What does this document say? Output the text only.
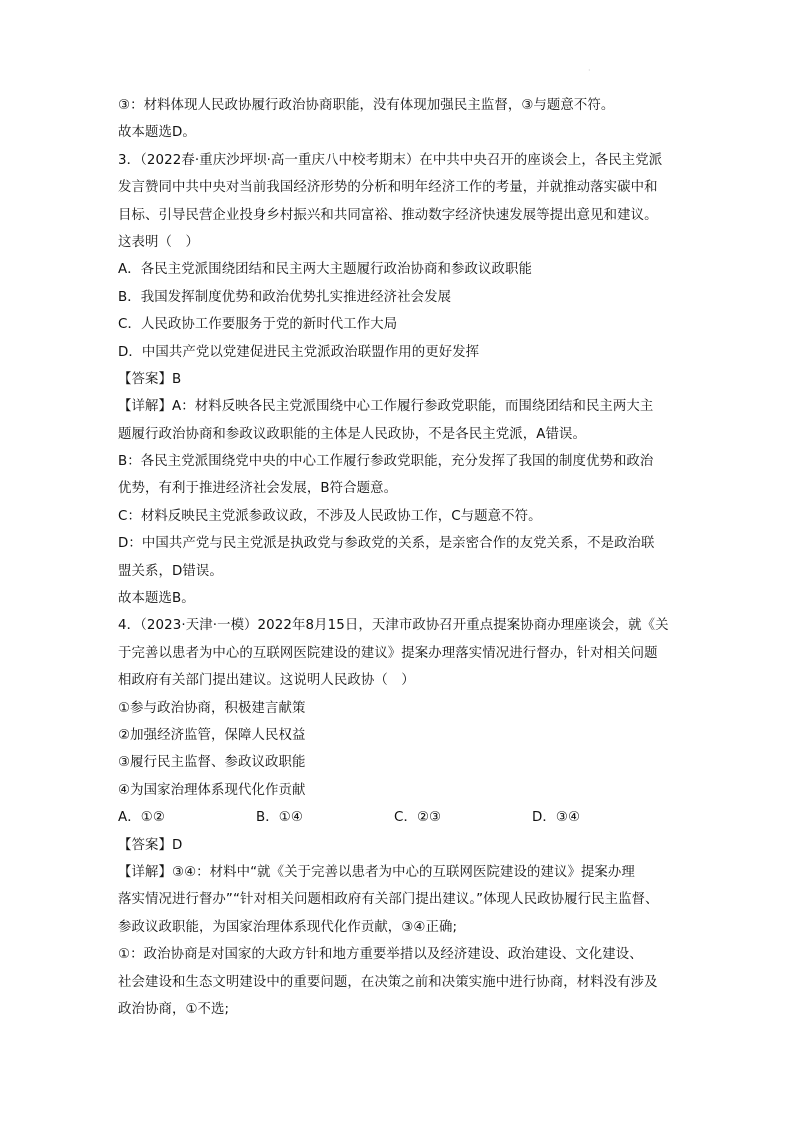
·
③：材料体现人民政协履行政治协商职能，没有体现加强民主监督，③与题意不符。
故本题选D。
3．（2022春·重庆沙坪坝·高一重庆八中校考期末）在中共中央召开的座谈会上，各民主党派
发言赞同中共中央对当前我国经济形势的分析和明年经济工作的考量，并就推动落实碳中和
目标、引导民营企业投身乡村振兴和共同富裕、推动数字经济快速发展等提出意见和建议。
这表明（　）
A．各民主党派围绕团结和民主两大主题履行政治协商和参政议政职能
B．我国发挥制度优势和政治优势扎实推进经济社会发展
C．人民政协工作要服务于党的新时代工作大局
D．中国共产党以党建促进民主党派政治联盟作用的更好发挥
【答案】B
【详解】A：材料反映各民主党派围绕中心工作履行参政党职能，而围绕团结和民主两大主
题履行政治协商和参政议政职能的主体是人民政协，不是各民主党派，A错误。
B：各民主党派围绕党中央的中心工作履行参政党职能，充分发挥了我国的制度优势和政治
优势，有利于推进经济社会发展，B符合题意。
C：材料反映民主党派参政议政，不涉及人民政协工作，C与题意不符。
D：中国共产党与民主党派是执政党与参政党的关系，是亲密合作的友党关系，不是政治联
盟关系，D错误。
故本题选B。
4．（2023·天津·一模）2022年8月15日，天津市政协召开重点提案协商办理座谈会，就《关
于完善以患者为中心的互联网医院建设的建议》提案办理落实情况进行督办，针对相关问题
相政府有关部门提出建议。这说明人民政协（　）
①参与政治协商，积极建言献策
②加强经济监管，保障人民权益
③履行民主监督、参政议政职能
④为国家治理体系现代化作贡献
A．①②	B．①④	C．②③	D．③④
【答案】D
【详解】③④：材料中“就《关于完善以患者为中心的互联网医院建设的建议》提案办理
落实情况进行督办”“针对相关问题相政府有关部门提出建议。”体现人民政协履行民主监督、
参政议政职能，为国家治理体系现代化作贡献，③④正确;
①：政治协商是对国家的大政方针和地方重要举措以及经济建设、政治建设、文化建设、
社会建设和生态文明建设中的重要问题，在决策之前和决策实施中进行协商，材料没有涉及
政治协商，①不选;
